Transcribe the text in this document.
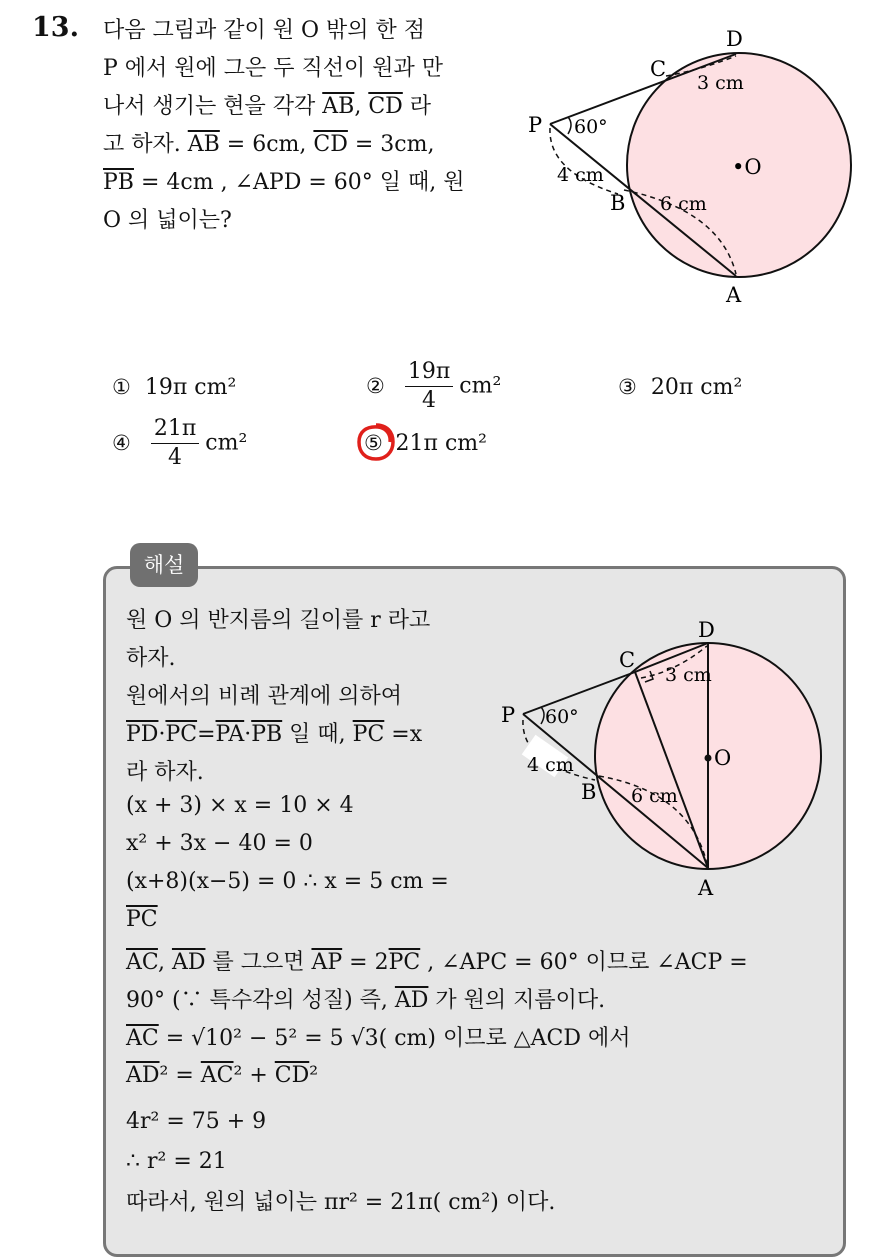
13. 다음 그림과 같이 원 O 밖의 한 점
P 에서 원에 그은 두 직선이 원과 만
나서 생기는 현을 각각 $\overline{AB}$, $\overline{CD}$ 라
고 하자. $\overline{AB} = 6cm$, $\overline{CD} = 3cm$,
$\overline{PB} = 4cm$ , ∠APD = 60° 일 때, 원
O 의 넓이는?
P
C
D
B
A
•O
60°
3 cm
4 cm
6 cm
① 19π cm²	② $\frac{19\pi}{4} cm^2$	③ 20π cm²
④ $\frac{21\pi}{4} cm^2$	⑤ 21π cm²
해설
원 O 의 반지름의 길이를 r 라고
하자.
원에서의 비례 관계에 의하여
$\overline{PD}\cdot\overline{PC}=\overline{PA}\cdot\overline{PB}$ 일 때, $\overline{PC} =x$
라 하자.
(x + 3) × x = 10 × 4
x² + 3x − 40 = 0
(x+8)(x−5) = 0 ∴ x = 5 cm =
$\overline{PC}$
$\overline{AC}$, $\overline{AD}$ 를 그으면 $\overline{AP} = 2\overline{PC}$ , ∠APC = 60° 이므로 ∠ACP =
90° (∵ 특수각의 성질) 즉, $\overline{AD}$ 가 원의 지름이다.
$\overline{AC} = √10^2 - 5^2 = 5$ √3( cm) 이므로 △ACD 에서
$\overline{AD}^2 = \overline{AC}^2 + \overline{CD}^2$
4r² = 75 + 9
∴ r² = 21
따라서, 원의 넓이는 πr² = 21π( cm²) 이다.
P
C
D
B
A
O
60°
3 cm
4 cm
6 cm
